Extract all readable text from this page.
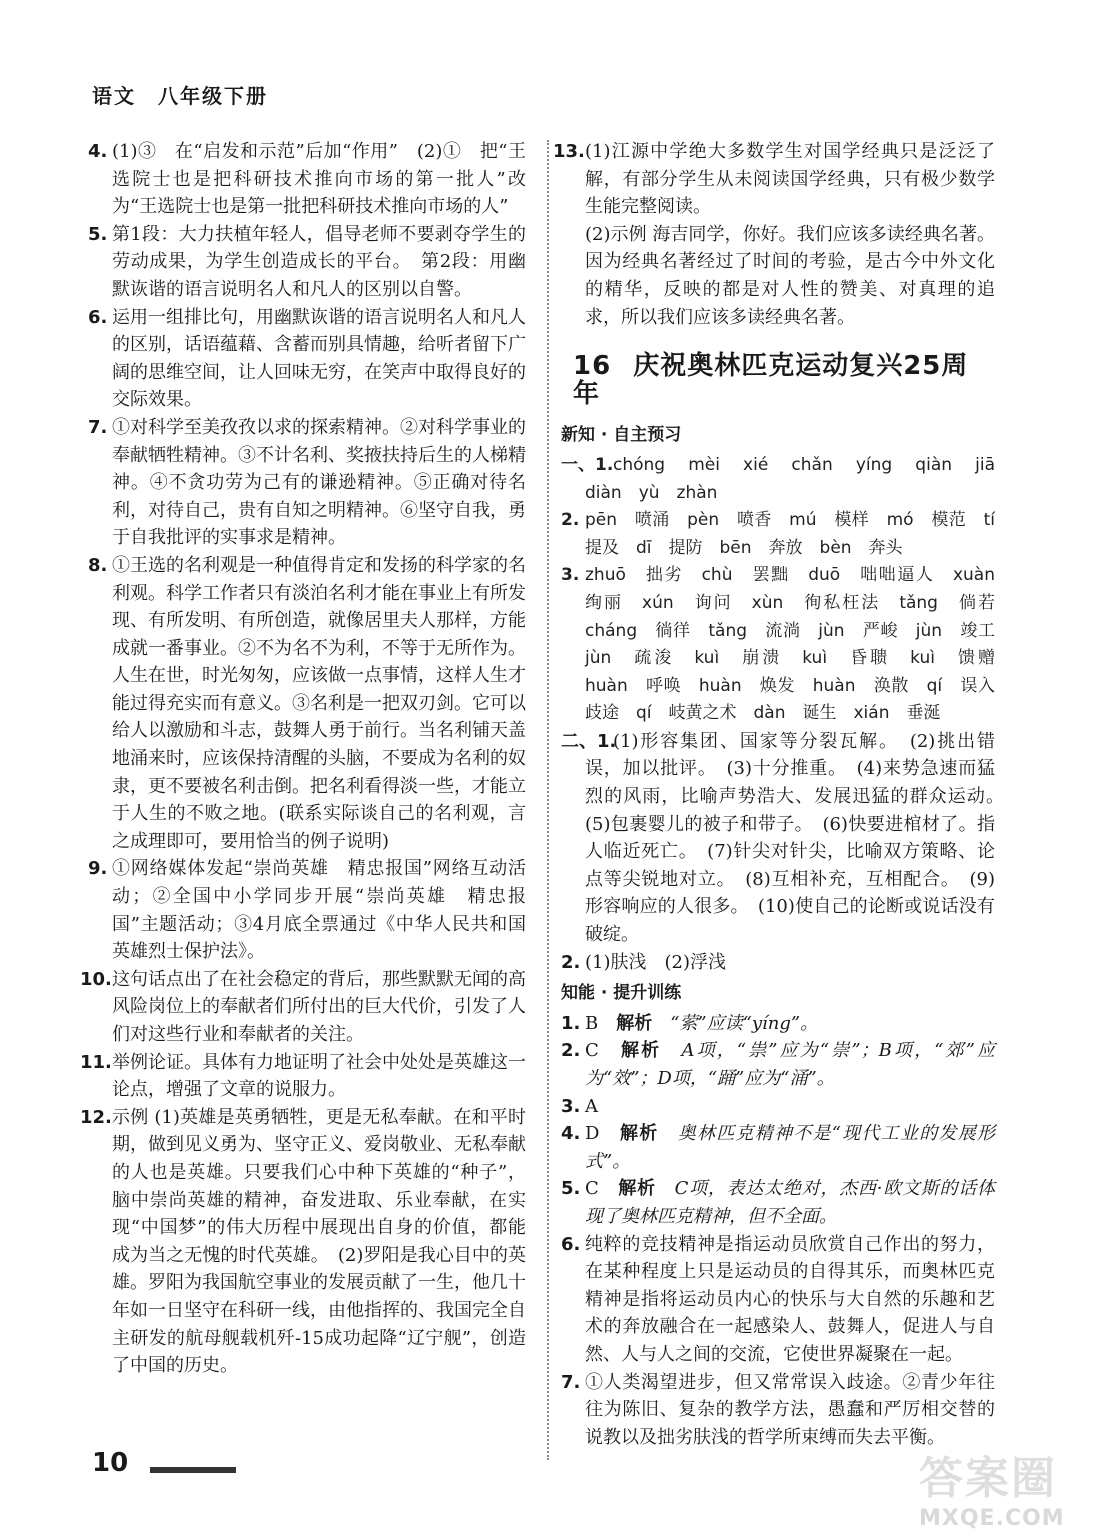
语文 八年级下册
4. (1)③　在“启发和示范”后加“作用”　(2)①　把“王选院士也是把科研技术推向市场的第一批人”改为“王选院士也是第一批把科研技术推向市场的人”
5. 第1段：大力扶植年轻人，倡导老师不要剥夺学生的劳动成果，为学生创造成长的平台。　第2段：用幽默诙谐的语言说明名人和凡人的区别以自警。
6. 运用一组排比句，用幽默诙谐的语言说明名人和凡人的区别，话语蕴藉、含蓄而别具情趣，给听者留下广阔的思维空间，让人回味无穷，在笑声中取得良好的交际效果。
7. ①对科学至美孜孜以求的探索精神。②对科学事业的奉献牺牲精神。③不计名利、奖掖扶持后生的人梯精神。④不贪功劳为己有的谦逊精神。⑤正确对待名利，对待自己，贵有自知之明精神。⑥坚守自我，勇于自我批评的实事求是精神。
8. ①王选的名利观是一种值得肯定和发扬的科学家的名利观。科学工作者只有淡泊名利才能在事业上有所发现、有所发明、有所创造，就像居里夫人那样，方能成就一番事业。②不为名不为利，不等于无所作为。人生在世，时光匆匆，应该做一点事情，这样人生才能过得充实而有意义。③名利是一把双刃剑。它可以给人以激励和斗志，鼓舞人勇于前行。当名利铺天盖地涌来时，应该保持清醒的头脑，不要成为名利的奴隶，更不要被名利击倒。把名利看得淡一些，才能立于人生的不败之地。(联系实际谈自己的名利观，言之成理即可，要用恰当的例子说明)
9. ①网络媒体发起“崇尚英雄　精忠报国”网络互动活动；②全国中小学同步开展“崇尚英雄　精忠报国”主题活动；③4月底全票通过《中华人民共和国英雄烈士保护法》。
10. 这句话点出了在社会稳定的背后，那些默默无闻的高风险岗位上的奉献者们所付出的巨大代价，引发了人们对这些行业和奉献者的关注。
11. 举例论证。具体有力地证明了社会中处处是英雄这一论点，增强了文章的说服力。
12. 示例 (1)英雄是英勇牺牲，更是无私奉献。在和平时期，做到见义勇为、坚守正义、爱岗敬业、无私奉献的人也是英雄。只要我们心中种下英雄的“种子”，脑中崇尚英雄的精神，奋发进取、乐业奉献，在实现“中国梦”的伟大历程中展现出自身的价值，都能成为当之无愧的时代英雄。　(2)罗阳是我心目中的英雄。罗阳为我国航空事业的发展贡献了一生，他几十年如一日坚守在科研一线，由他指挥的、我国完全自主研发的航母舰载机歼-15成功起降“辽宁舰”，创造了中国的历史。
13. (1)江源中学绝大多数学生对国学经典只是泛泛了解，有部分学生从未阅读国学经典，只有极少数学生能完整阅读。
(2)示例 海吉同学，你好。我们应该多读经典名著。因为经典名著经过了时间的考验，是古今中外文化的精华，反映的都是对人性的赞美、对真理的追求，所以我们应该多读经典名著。
16 庆祝奥林匹克运动复兴25周年
新知 · 自主预习
一、1. chóng　mèi　xié　chǎn　yíng　qiàn　jiā　diàn　yù　zhàn
2. pēn　喷涌　pèn　喷香　mú　模样　mó　模范　tí　提及　dī　提防　bēn　奔放　bèn　奔头
3. zhuō　拙劣　chù　罢黜　duō　咄咄逼人　xuàn　绚丽　xún　询问　xùn　徇私枉法　tǎng　倘若　cháng　徜徉　tǎng　流淌　jùn　严峻　jùn　竣工　jùn　疏浚　kuì　崩溃　kuì　昏聩　kuì　馈赠　huàn　呼唤　huàn　焕发　huàn　涣散　qí　误入歧途　qí　岐黄之术　dàn　诞生　xián　垂涎
二、1.
(1)形容集团、国家等分裂瓦解。　(2)挑出错误，加以批评。　(3)十分推重。　(4)来势急速而猛烈的风雨，比喻声势浩大、发展迅猛的群众运动。　(5)包裹婴儿的被子和带子。　(6)快要进棺材了。指人临近死亡。　(7)针尖对针尖，比喻双方策略、论点等尖锐地对立。　(8)互相补充，互相配合。　(9)形容响应的人很多。　(10)使自己的论断或说话没有破绽。
2. (1)肤浅　(2)浮浅
知能 · 提升训练
1. B　 解析　 “萦”应读“yíng”。
2. C　 解析　 A项，“祟”应为“崇”；B项，“郊”应为“效”；D项，“踊”应为“涌”。
3. A
4. D　 解析　 奥林匹克精神不是“现代工业的发展形式”。
5. C　 解析　 C项，表达太绝对，杰西·欧文斯的话体现了奥林匹克精神，但不全面。
6. 纯粹的竞技精神是指运动员欣赏自己作出的努力，在某种程度上只是运动员的自得其乐，而奥林匹克精神是指将运动员内心的快乐与大自然的乐趣和艺术的奔放融合在一起感染人、鼓舞人，促进人与自然、人与人之间的交流，它使世界凝聚在一起。
7. ①人类渴望进步，但又常常误入歧途。②青少年往往为陈旧、复杂的教学方法，愚蠢和严厉相交替的说教以及拙劣肤浅的哲学所束缚而失去平衡。
10	答案圈
MXQE.COM
